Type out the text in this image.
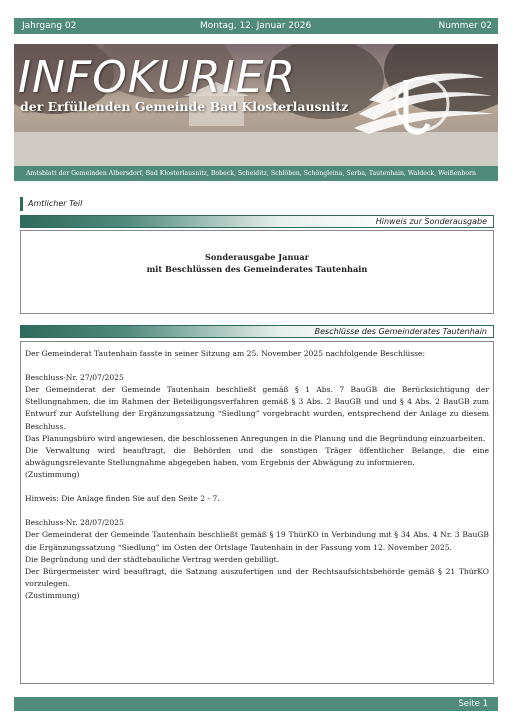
Jahrgang 02	Montag, 12. Januar 2026	Nummer 02
INFOKURIER
der Erfüllenden Gemeinde Bad Klosterlausnitz
Amtsblatt der Gemeinden Albersdorf, Bad Klosterlausnitz, Bobeck, Scheiditz, Schlöben, Schöngleina, Serba, Tautenhain, Waldeck, Weißenborn
Amtlicher Teil
Hinweis zur Sonderausgabe
Sonderausgabe Januar
mit Beschlüssen des Gemeinderates Tautenhain
Beschlüsse des Gemeinderates Tautenhain

Der Gemeinderat Tautenhain fasste in seiner Sitzung am 25. November 2025 nachfolgende Beschlüsse:

Beschluss-Nr. 27/07/2025

Der Gemeinderat der Gemeinde Tautenhain beschließt gemäß § 1 Abs. 7 BauGB die Berücksichtigung der Stellungnahmen, die im Rahmen der Beteiligungsverfahren gemäß § 3 Abs. 2 BauGB und und § 4 Abs. 2 BauGB zum Entwurf zur Aufstellung der Ergänzungssatzung “Siedlung” vorgebracht wurden, entsprechend der Anlage zu diesem Beschluss.

Das Planungsbüro wird angewiesen, die beschlossenen Anregungen in die Planung und die Begründung einzuarbeiten.

Die Verwaltung wird beauftragt, die Behörden und die sonstigen Träger öffentlicher Belange, die eine abwägungsrelevante Stellungnahme abgegeben haben, vom Ergebnis der Abwägung zu informieren.

(Zustimmung)

Hinweis: Die Anlage finden Sie auf den Seite 2 - 7.

Beschluss-Nr. 28/07/2025

Der Gemeinderat der Gemeinde Tautenhain beschließt gemäß § 19 ThürKO in Verbindung mit § 34 Abs. 4 Nr. 3 BauGB die Ergänzungssatzung “Siedlung” im Osten der Ortslage Tautenhain in der Fassung vom 12. November 2025.

Die Begründung und der städtebauliche Vertrag werden gebilligt.

Der Bürgermeister wird beauftragt, die Satzung auszufertigen und der Rechtsaufsichtsbehörde gemäß § 21 ThürKO vorzulegen.

(Zustimmung)

Seite 1
